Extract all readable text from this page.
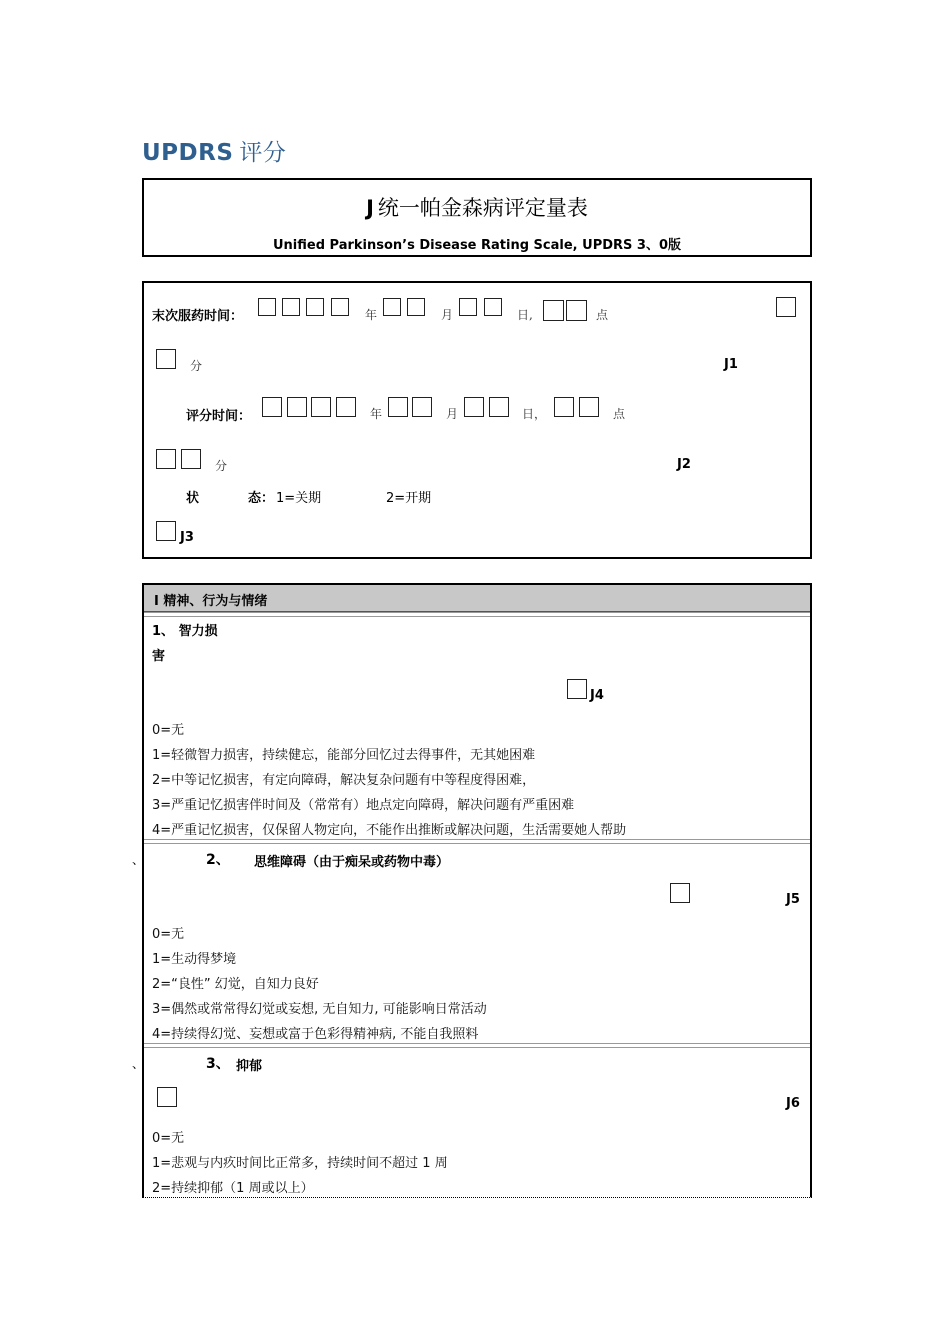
UPDRS 评分
J 统一帕金森病评定量表
Unified Parkinson’s Disease Rating Scale, UPDRS 3、0版
末次服药时间：	年	月	日,	点
分	J1
评分时间：	年	月	日，	点
分	J2
状	态： 1=关期	2=开期
J3
Ⅰ 精神、行为与情绪
1、 智力损
害
J4
0=无
1=轻微智力损害，持续健忘，能部分回忆过去得事件，无其她困难
2=中等记忆损害，有定向障碍，解决复杂问题有中等程度得困难，
3=严重记忆损害伴时间及（常常有）地点定向障碍，解决问题有严重困难
4=严重记忆损害，仅保留人物定向，不能作出推断或解决问题，生活需要她人帮助
2、 思维障碍（由于痴呆或药物中毒）
J5
0=无
1=生动得梦境
2=“良性” 幻觉，自知力良好
3=偶然或常常得幻觉或妄想, 无自知力, 可能影响日常活动
4=持续得幻觉、妄想或富于色彩得精神病, 不能自我照料
3、 抑郁
J6
0=无
1=悲观与内疚时间比正常多，持续时间不超过 1 周
2=持续抑郁（1 周或以上）
、
、
